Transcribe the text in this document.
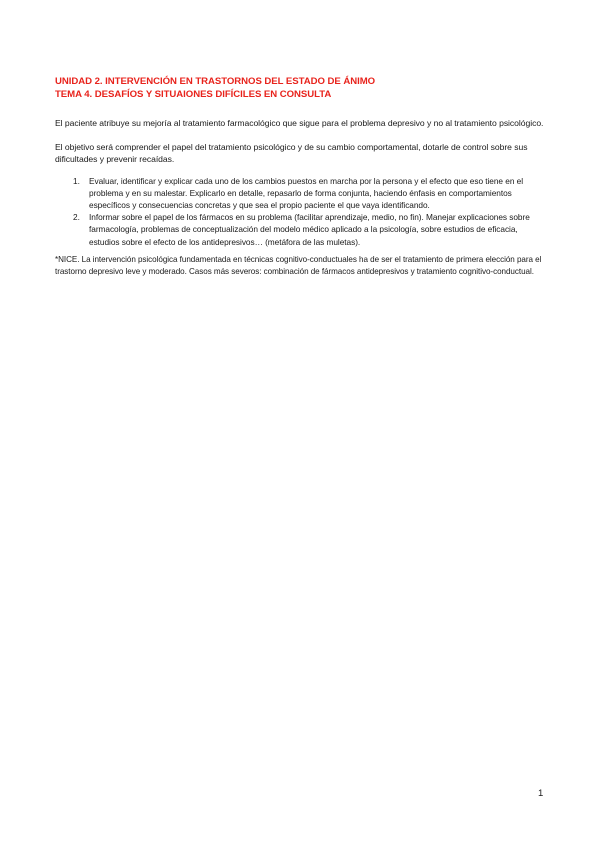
UNIDAD 2. INTERVENCIÓN EN TRASTORNOS DEL ESTADO DE ÁNIMO

TEMA 4. DESAFÍOS Y SITUAIONES DIFÍCILES EN CONSULTA

El paciente atribuye su mejoría al tratamiento farmacológico que sigue para el problema depresivo y no al tratamiento psicológico.

El objetivo será comprender el papel del tratamiento psicológico y de su cambio comportamental, dotarle de control sobre sus dificultades y prevenir recaídas.

1. Evaluar, identificar y explicar cada uno de los cambios puestos en marcha por la persona y el efecto que eso tiene en el problema y en su malestar. Explicarlo en detalle, repasarlo de forma conjunta, haciendo énfasis en comportamientos específicos y consecuencias concretas y que sea el propio paciente el que vaya identificando.
2. Informar sobre el papel de los fármacos en su problema (facilitar aprendizaje, medio, no fin). Manejar explicaciones sobre farmacología, problemas de conceptualización del modelo médico aplicado a la psicología, sobre estudios de eficacia, estudios sobre el efecto de los antidepresivos… (metáfora de las muletas).

*NICE. La intervención psicológica fundamentada en técnicas cognitivo-conductuales ha de ser el tratamiento de primera elección para el trastorno depresivo leve y moderado. Casos más severos: combinación de fármacos antidepresivos y tratamiento cognitivo-conductual.

1
